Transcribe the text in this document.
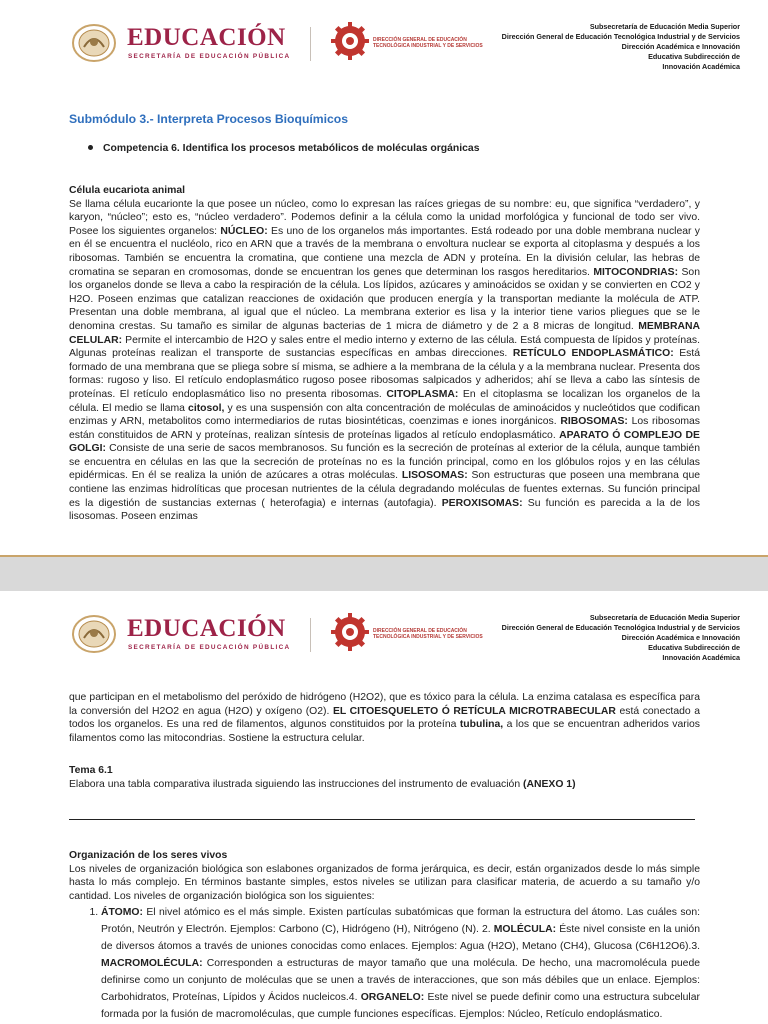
EDUCACIÓN
SECRETARÍA DE EDUCACIÓN PÚBLICA
DIRECCIÓN GENERAL DE EDUCACIÓN
TECNOLÓGICA INDUSTRIAL Y DE SERVICIOS
Subsecretaría de Educación Media Superior
Dirección General de Educación Tecnológica Industrial y de Servicios
Dirección Académica e Innovación
Educativa Subdirección de
Innovación Académica
Submódulo 3.- Interpreta Procesos Bioquímicos
Competencia 6. Identifica los procesos metabólicos de moléculas orgánicas
Célula eucariota animal
Se llama célula eucarionte la que posee un núcleo, como lo expresan las raíces griegas de su nombre: eu, que significa “verdadero”, y karyon, “núcleo”; esto es, “núcleo verdadero”. Podemos definir a la célula como la unidad morfológica y funcional de todo ser vivo. Posee los siguientes organelos: NÚCLEO: Es uno de los organelos más importantes. Está rodeado por una doble membrana nuclear y en él se encuentra el nucléolo, rico en ARN que a través de la membrana o envoltura nuclear se exporta al citoplasma y después a los ribosomas. También se encuentra la cromatina, que contiene una mezcla de ADN y proteína. En la división celular, las hebras de cromatina se separan en cromosomas, donde se encuentran los genes que determinan los rasgos hereditarios. MITOCONDRIAS: Son los organelos donde se lleva a cabo la respiración de la célula. Los lípidos, azúcares y aminoácidos se oxidan y se convierten en CO2 y H2O. Poseen enzimas que catalizan reacciones de oxidación que producen energía y la transportan mediante la molécula de ATP. Presentan una doble membrana, al igual que el núcleo. La membrana exterior es lisa y la interior tiene varios pliegues que se le denomina crestas. Su tamaño es similar de algunas bacterias de 1 micra de diámetro y de 2 a 8 micras de longitud. MEMBRANA CELULAR: Permite el intercambio de H2O y sales entre el medio interno y externo de las célula. Está compuesta de lípidos y proteínas. Algunas proteínas realizan el transporte de sustancias específicas en ambas direcciones. RETÍCULO ENDOPLASMÁTICO: Está formado de una membrana que se pliega sobre sí misma, se adhiere a la membrana de la célula y a la membrana nuclear. Presenta dos formas: rugoso y liso. El retículo endoplasmático rugoso posee ribosomas salpicados y adheridos; ahí se lleva a cabo las síntesis de proteínas. El retículo endoplasmático liso no presenta ribosomas. CITOPLASMA: En el citoplasma se localizan los organelos de la célula. El medio se llama citosol, y es una suspensión con alta concentración de moléculas de aminoácidos y nucleótidos que codifican enzimas y ARN, metabolitos como intermediarios de rutas biosintéticas, coenzimas e iones inorgánicos. RIBOSOMAS: Los ribosomas están constituidos de ARN y proteínas, realizan síntesis de proteínas ligados al retículo endoplasmático. APARATO Ó COMPLEJO DE GOLGI: Consiste de una serie de sacos membranosos. Su función es la secreción de proteínas al exterior de la célula, aunque también se encuentra en células en las que la secreción de proteínas no es la función principal, como en los glóbulos rojos y en las células epidérmicas. En él se realiza la unión de azúcares a otras moléculas. LISOSOMAS: Son estructuras que poseen una membrana que contiene las enzimas hidrolíticas que procesan nutrientes de la célula degradando moléculas de fuentes externas. Su función principal es la digestión de sustancias externas ( heterofagia) e internas (autofagia). PEROXISOMAS: Su función es parecida a la de los lisosomas. Poseen enzimas
EDUCACIÓN
SECRETARÍA DE EDUCACIÓN PÚBLICA
DIRECCIÓN GENERAL DE EDUCACIÓN
TECNOLÓGICA INDUSTRIAL Y DE SERVICIOS
Subsecretaría de Educación Media Superior
Dirección General de Educación Tecnológica Industrial y de Servicios
Dirección Académica e Innovación
Educativa Subdirección de
Innovación Académica
que participan en el metabolismo del peróxido de hidrógeno (H2O2), que es tóxico para la célula. La enzima catalasa es específica para la conversión del H2O2 en agua (H2O) y oxígeno (O2). EL CITOESQUELETO Ó RETÍCULA MICROTRABECULAR está conectado a todos los organelos. Es una red de filamentos, algunos constituidos por la proteína tubulina, a los que se encuentran adheridos varios filamentos como las mitocondrias. Sostiene la estructura celular.
Tema 6.1
Elabora una tabla comparativa ilustrada siguiendo las instrucciones del instrumento de evaluación (ANEXO 1)
Organización de los seres vivos
Los niveles de organización biológica son eslabones organizados de forma jerárquica, es decir, están organizados desde lo más simple hasta lo más complejo. En términos bastante simples, estos niveles se utilizan para clasificar materia, de acuerdo a su tamaño y/o cantidad. Los niveles de organización biológica son los siguientes:
1. ÁTOMO: El nivel atómico es el más simple. Existen partículas subatómicas que forman la estructura del átomo. Las cuáles son: Protón, Neutrón y Electrón. Ejemplos: Carbono (C), Hidrógeno (H), Nitrógeno (N). 2. MOLÉCULA: Éste nivel consiste en la unión de diversos átomos a través de uniones conocidas como enlaces. Ejemplos: Agua (H2O), Metano (CH4), Glucosa (C6H12O6).3. MACROMOLÉCULA: Corresponden a estructuras de mayor tamaño que una molécula. De hecho, una macromolécula puede definirse como un conjunto de moléculas que se unen a través de interacciones, que son más débiles que un enlace. Ejemplos: Carbohidratos, Proteínas, Lípidos y Ácidos nucleicos.4. ORGANELO: Este nivel se puede definir como una estructura subcelular formada por la fusión de macromoléculas, que cumple funciones específicas. Ejemplos: Núcleo, Retículo endoplásmatico.
